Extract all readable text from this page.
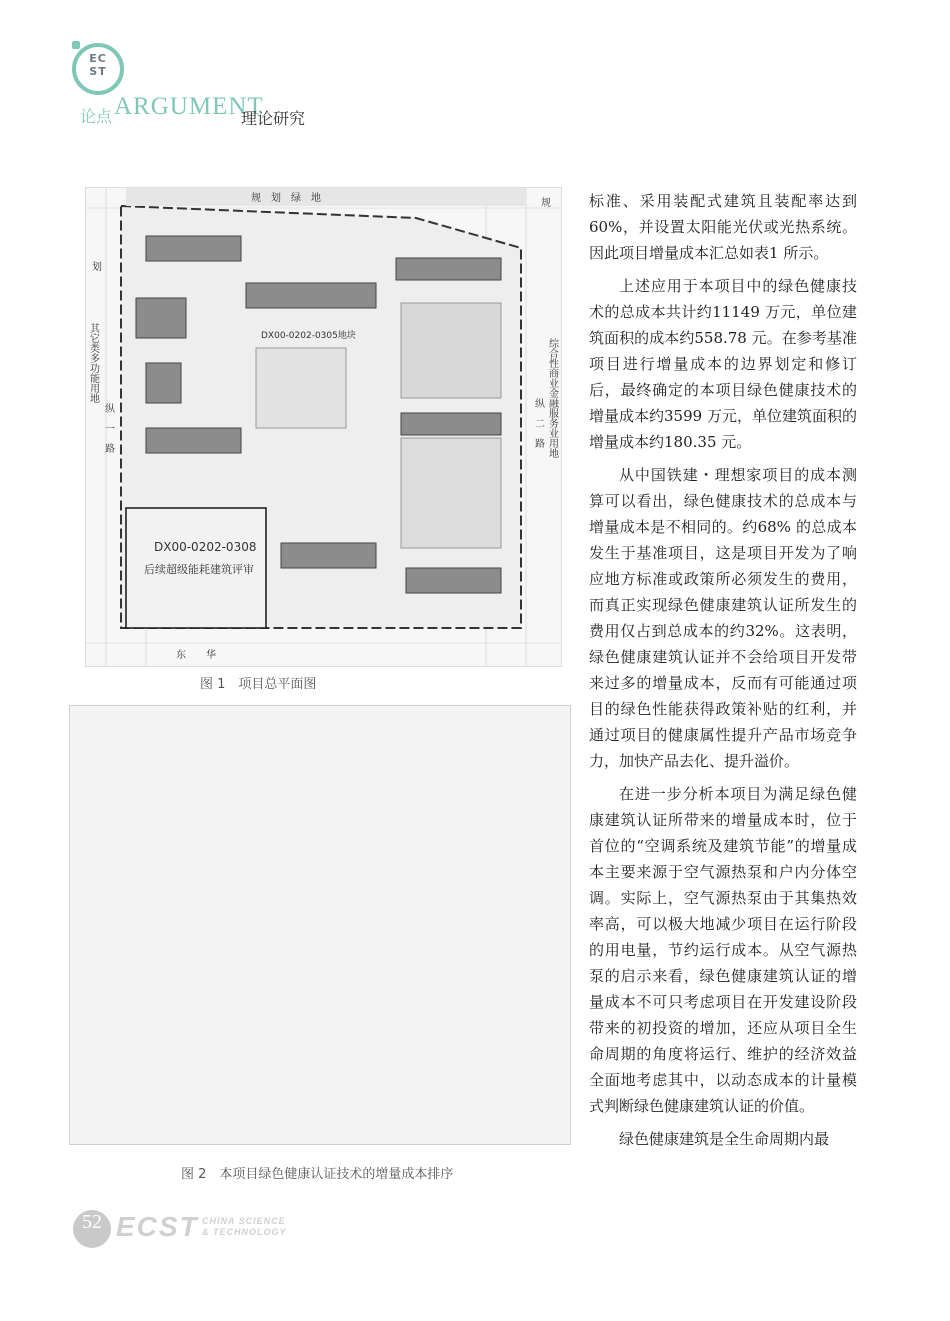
EC
ST
论点 ARGUMENT
理论研究
规　划　绿　地	规
DX00-0202-0305地块
DX00-0202-0308
后续超级能耗建筑评审
东　　华
划
其它类多功能用地
纵　一　路	综合性商业金融服务业用地
纵　二　路
图 1　项目总平面图
图 2　本项目绿色健康认证技术的增量成本排序

标准、采用装配式建筑且装配率达到60%，并设置太阳能光伏或光热系统。因此项目增量成本汇总如表1 所示。

上述应用于本项目中的绿色健康技术的总成本共计约11149 万元，单位建筑面积的成本约558.78 元。在参考基准项目进行增量成本的边界划定和修订后，最终确定的本项目绿色健康技术的增量成本约3599 万元，单位建筑面积的增量成本约180.35 元。

从中国铁建・理想家项目的成本测算可以看出，绿色健康技术的总成本与增量成本是不相同的。约68% 的总成本发生于基准项目，这是项目开发为了响应地方标准或政策所必须发生的费用，而真正实现绿色健康建筑认证所发生的费用仅占到总成本的约32%。这表明，绿色健康建筑认证并不会给项目开发带来过多的增量成本，反而有可能通过项目的绿色性能获得政策补贴的红利，并通过项目的健康属性提升产品市场竞争力，加快产品去化、提升溢价。

在进一步分析本项目为满足绿色健康建筑认证所带来的增量成本时，位于首位的“空调系统及建筑节能”的增量成本主要来源于空气源热泵和户内分体空调。实际上，空气源热泵由于其集热效率高，可以极大地减少项目在运行阶段的用电量，节约运行成本。从空气源热泵的启示来看，绿色健康建筑认证的增量成本不可只考虑项目在开发建设阶段带来的初投资的增加，还应从项目全生命周期的角度将运行、维护的经济效益全面地考虑其中，以动态成本的计量模式判断绿色健康建筑认证的价值。

绿色健康建筑是全生命周期内最

52 ECST CHINA SCIENCE
& TECHNOLOGY
